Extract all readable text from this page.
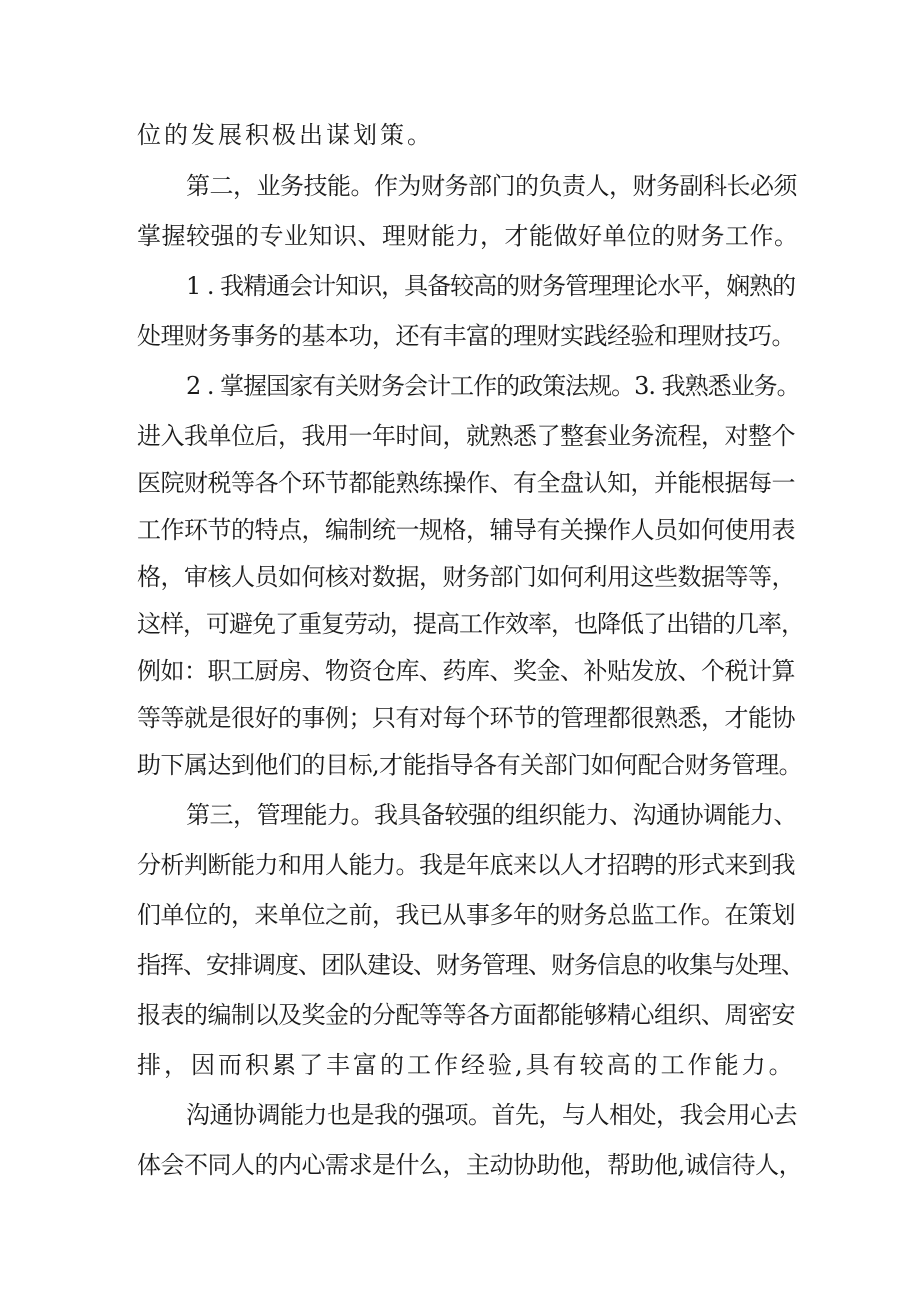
位的发展积极出谋划策。
第二，业务技能。作为财务部门的负责人，财务副科长必须
掌握较强的专业知识、理财能力，才能做好单位的财务工作。
1 . 我精通会计知识，具备较高的财务管理理论水平，娴熟的
处理财务事务的基本功，还有丰富的理财实践经验和理财技巧。
2 . 掌握国家有关财务会计工作的政策法规。3. 我熟悉业务。
进入我单位后，我用一年时间，就熟悉了整套业务流程，对整个
医院财税等各个环节都能熟练操作、有全盘认知，并能根据每一
工作环节的特点，编制统一规格，辅导有关操作人员如何使用表
格，审核人员如何核对数据，财务部门如何利用这些数据等等，
这样，可避免了重复劳动，提高工作效率，也降低了出错的几率，
例如：职工厨房、物资仓库、药库、奖金、补贴发放、个税计算
等等就是很好的事例；只有对每个环节的管理都很熟悉，才能协
助下属达到他们的目标,才能指导各有关部门如何配合财务管理。
第三，管理能力。我具备较强的组织能力、沟通协调能力、
分析判断能力和用人能力。我是年底来以人才招聘的形式来到我
们单位的，来单位之前，我已从事多年的财务总监工作。在策划
指挥、安排调度、团队建设、财务管理、财务信息的收集与处理、
报表的编制以及奖金的分配等等各方面都能够精心组织、周密安
排，因而积累了丰富的工作经验,具有较高的工作能力。
沟通协调能力也是我的强项。首先，与人相处，我会用心去
体会不同人的内心需求是什么，主动协助他，帮助他,诚信待人，
